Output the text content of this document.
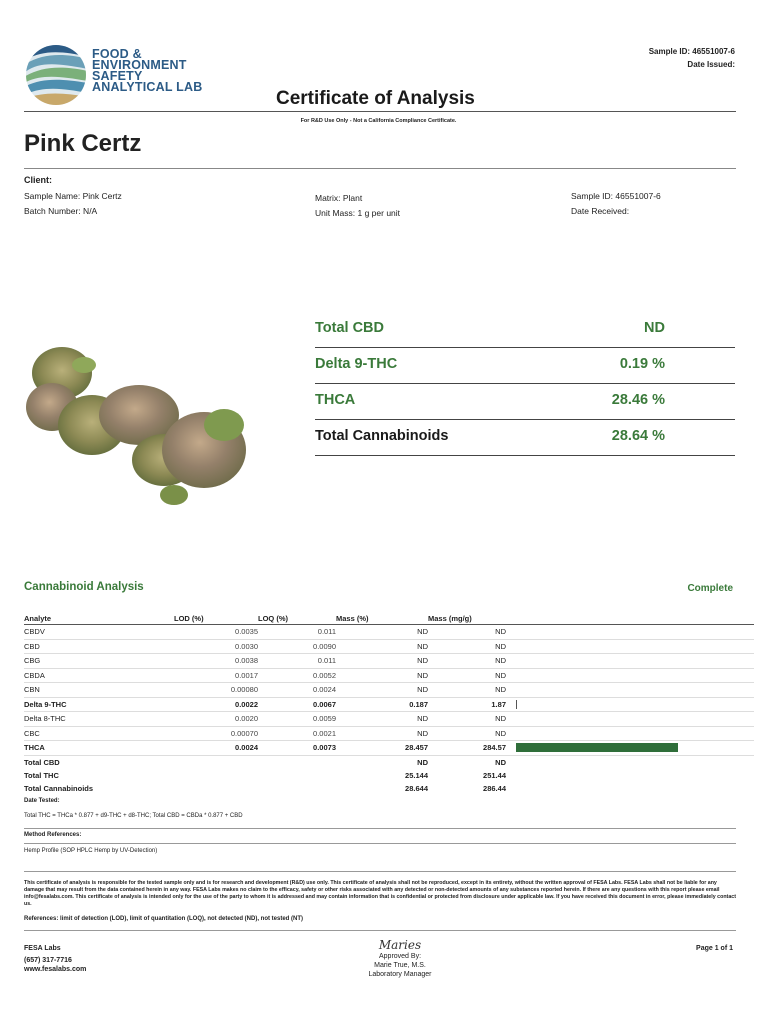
FOOD &
ENVIRONMENT
SAFETY
ANALYTICAL LAB
Sample ID: 46551007-6
Date Issued:
Certificate of Analysis
For R&D Use Only - Not a California Compliance Certificate.
Pink Certz
Client:
Sample Name: Pink Certz
Batch Number: N/A
Matrix: Plant
Unit Mass: 1 g per unit
Sample ID: 46551007-6
Date Received:
Total CBD	ND
Delta 9-THC	0.19 %
THCA	28.46 %
Total Cannabinoids	28.64 %
Cannabinoid Analysis	Complete
Analyte	LOD (%)	LOQ (%)	Mass (%)	Mass (mg/g)	
CBDV	0.0035	0.011	ND	ND	
CBD	0.0030	0.0090	ND	ND	
CBG	0.0038	0.011	ND	ND	
CBDA	0.0017	0.0052	ND	ND	
CBN	0.00080	0.0024	ND	ND	
Delta 9-THC	0.0022	0.0067	0.187	1.87	

Delta 8-THC	0.0020	0.0059	ND	ND	
CBC	0.00070	0.0021	ND	ND	
THCA	0.0024	0.0073	28.457	284.57	

Total CBD			ND	ND	
Total THC			25.144	251.44	
Total Cannabinoids			28.644	286.44	
Date Tested:
Total THC = THCa * 0.877 + d9-THC + d8-THC; Total CBD = CBDa * 0.877 + CBD
Method References:
Hemp Profile (SOP HPLC Hemp by UV-Detection)
This certificate of analysis is responsible for the tested sample only and is for research and development (R&D) use only. This certificate of analysis shall not be reproduced, except in its entirety, without the written approval of FESA Labs. FESA Labs shall not be liable for any damage that may result from the data contained herein in any way. FESA Labs makes no claim to the efficacy, safety or other risks associated with any detected or non-detected amounts of any substances reported herein. If there are any questions with this report please email info@fesalabs.com. This certificate of analysis is intended only for the use of the party to whom it is addressed and may contain information that is confidential or protected from disclosure under applicable law. If you have received this document in error, please immediately contact us.
References: limit of detection (LOD), limit of quantitation (LOQ), not detected (ND), not tested (NT)
FESA Labs
(657) 317-7716
www.fesalabs.com
Maries
Approved By:
Marie True, M.S.
Laboratory Manager
Page 1 of 1
